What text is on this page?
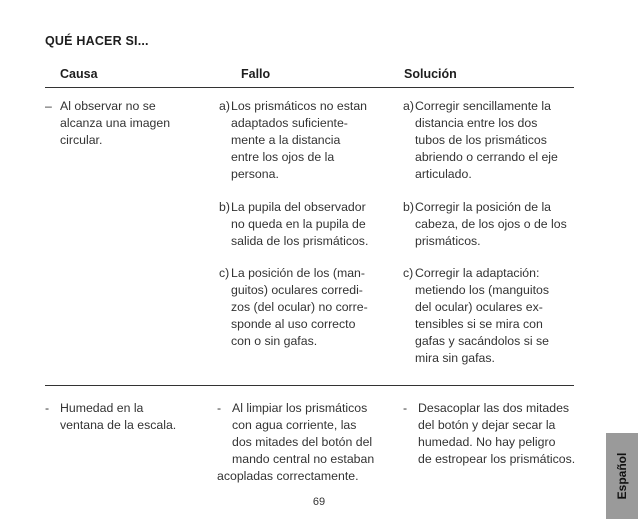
QUÉ HACER SI...
Causa	Fallo	Solución
– Al observar no se
alcanza una imagen
circular.
a) Los prismáticos no estan
adaptados suficiente-
mente a la distancia
entre los ojos de la
persona.
b) La pupila del observador
no queda en la pupila de
salida de los prismáticos.
c) La posición de los (man-
guitos) oculares corredi-
zos (del ocular) no corre-
sponde al uso correcto
con o sin gafas.
a) Corregir sencillamente la
distancia entre los dos
tubos de los prismáticos
abriendo o cerrando el eje
articulado.
b) Corregir la posición de la
cabeza, de los ojos o de los
prismáticos.
c) Corregir la adaptación:
metiendo los (manguitos
del ocular) oculares ex-
tensibles si se mira con
gafas y sacándolos si se
mira sin gafas.
- Humedad en la
ventana de la escala.
- Al limpiar los prismáticos
con agua corriente, las
dos mitades del botón del
mando central no estaban
acopladas correctamente.
- Desacoplar las dos mitades
del botón y dejar secar la
humedad. No hay peligro
de estropear los prismáticos.
69
Español
